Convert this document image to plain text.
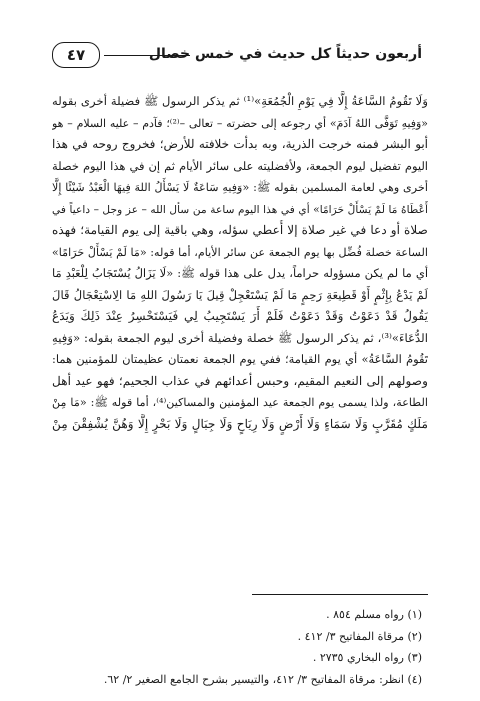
أربعون حديثاً كل حديث في خمس خصال
٤٧
وَلَا تَقُومُ السَّاعَةُ إِلَّا فِي يَوْمِ الْجُمُعَةِ»⁽¹⁾ ثم يذكر الرسول ﷺ فضيلة أخرى بقوله
«وَفِيهِ تَوَفَّى اللهُ آدَمَ» أي رجوعه إلى حضرته – تعالى –⁽²⁾؛ فآدم – عليه السلام – هو
أبو البشر فمنه خرجت الذرية، وبه بدأت خلافته للأرض؛ فخروج روحه في هذا
اليوم تفضيل ليوم الجمعة، ولأفضليته على سائر الأيام ثم إن في هذا اليوم خصلة
أخرى وهي لعامة المسلمين بقوله ﷺ: «وَفِيهِ سَاعَةٌ لَا يَسْأَلُ اللهَ فِيهَا الْعَبْدُ شَيْئًا إِلَّا
أَعْطَاهُ مَا لَمْ يَسْأَلْ حَرَامًا» أي في هذا اليوم ساعة من سأل الله – عز وجل – داعياً في
صلاة أو دعا في غير صلاة إلا أُعطي سؤله، وهي باقية إلى يوم القيامة؛ فهذه
الساعة خصلة فُضِّل بها يوم الجمعة عن سائر الأيام، أما قوله: «مَا لَمْ يَسْأَلْ حَرَامًا»
أي ما لم يكن مسؤوله حراماً، يدل على هذا قوله ﷺ: «لَا يَزَالُ يُسْتَجَابُ لِلْعَبْدِ مَا
لَمْ يَدْعُ بِإِثْمٍ أَوْ قَطِيعَةِ رَحِمٍ مَا لَمْ يَسْتَعْجِلْ قِيلَ يَا رَسُولَ اللهِ مَا الِاسْتِعْجَالُ قَالَ
يَقُولُ قَدْ دَعَوْتُ وَقَدْ دَعَوْتُ فَلَمْ أَرَ يَسْتَجِيبُ لِي فَيَسْتَحْسِرُ عِنْدَ ذَلِكَ وَيَدَعُ
الدُّعَاءَ»⁽³⁾، ثم يذكر الرسول ﷺ خصلة وفضيلة أخرى ليوم الجمعة بقوله: «وَفِيهِ
تَقُومُ السَّاعَةُ» أي يوم القيامة؛ ففي يوم الجمعة نعمتان عظيمتان للمؤمنين هما:
وصولهم إلى النعيم المقيم، وحبس أعدائهم في عذاب الجحيم؛ فهو عيد أهل
الطاعة، ولذا يسمى يوم الجمعة عيد المؤمنين والمساكين⁽⁴⁾، أما قوله ﷺ: «مَا مِنْ
مَلَكٍ مُقَرَّبٍ وَلَا سَمَاءٍ وَلَا أَرْضٍ وَلَا رِيَاحٍ وَلَا جِبَالٍ وَلَا بَحْرٍ إِلَّا وَهُنَّ يُشْفِقْنَ مِنْ
(١) رواه مسلم ٨٥٤ .
(٢) مرقاة المفاتيح ٣/ ٤١٢ .
(٣) رواه البخاري ٢٧٣٥ .
(٤) انظر: مرقاة المفاتيح ٣/ ٤١٢، والتيسير بشرح الجامع الصغير ٢/ ٦٢.
